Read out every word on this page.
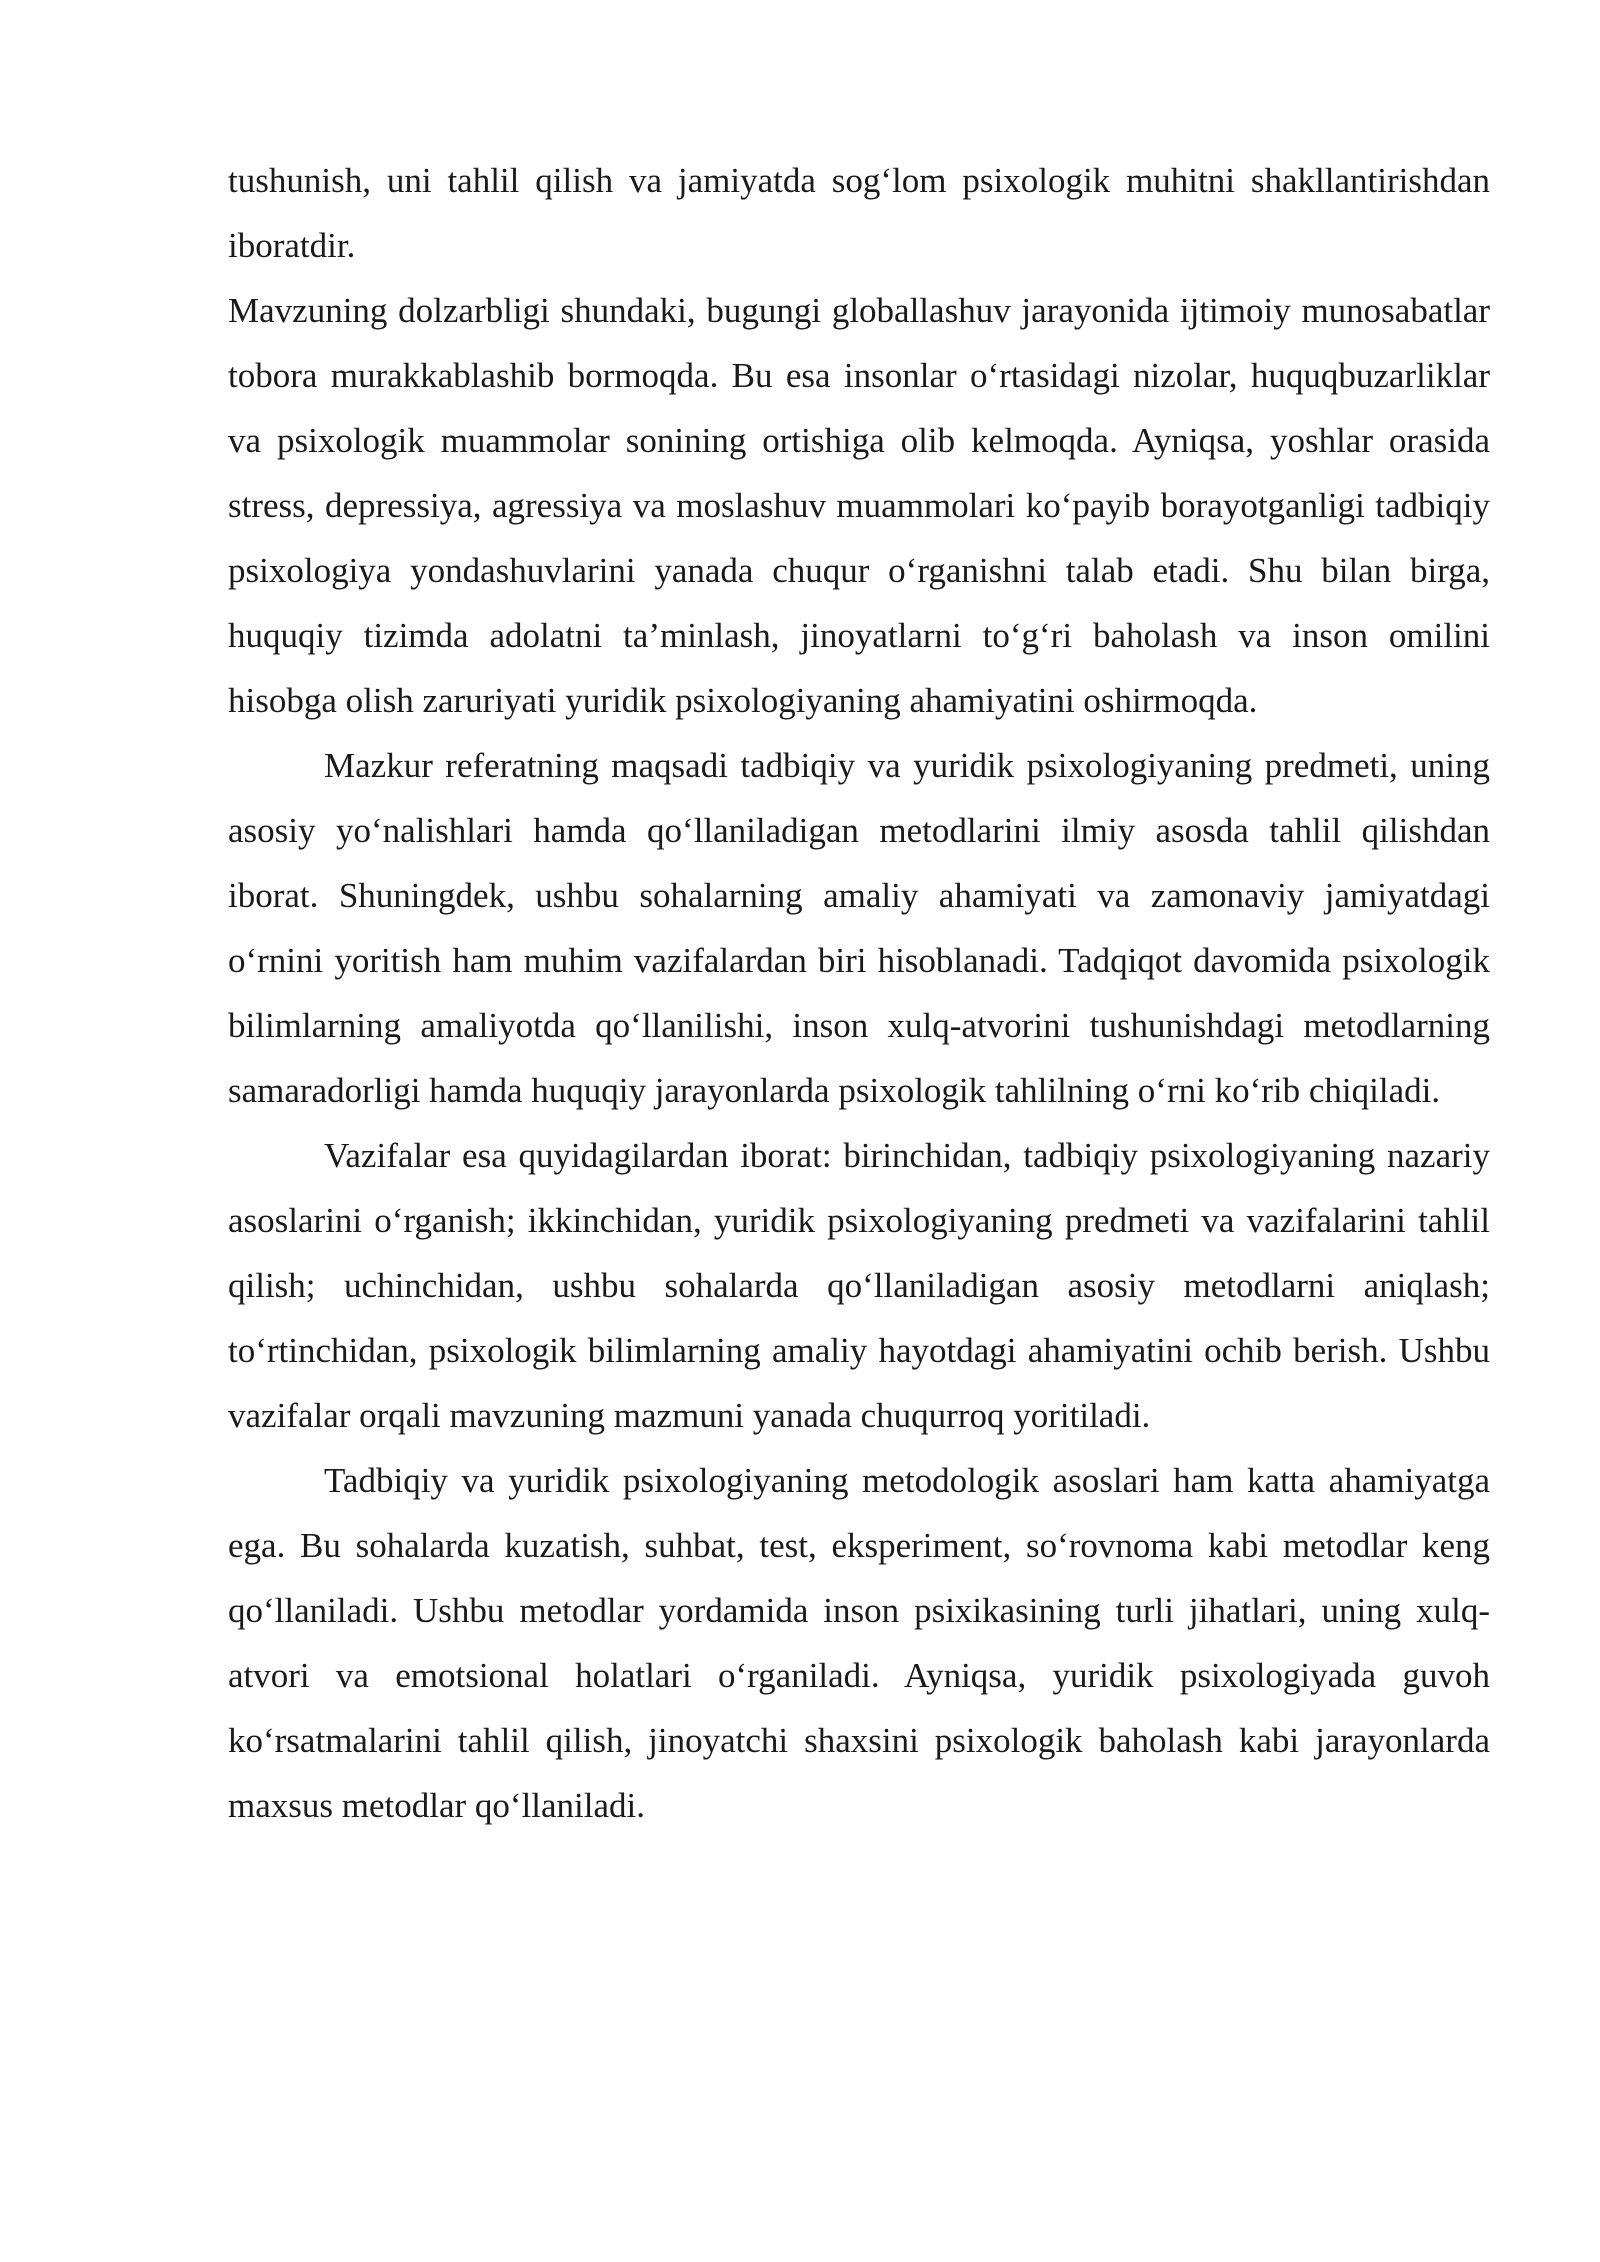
tushunish, uni tahlil qilish va jamiyatda sog‘lom psixologik muhitni shakllantirishdan iboratdir.

Mavzuning dolzarbligi shundaki, bugungi globallashuv jarayonida ijtimoiy munosabatlar tobora murakkablashib bormoqda. Bu esa insonlar o‘rtasidagi nizolar, huquqbuzarliklar va psixologik muammolar sonining ortishiga olib kelmoqda. Ayniqsa, yoshlar orasida stress, depressiya, agressiya va moslashuv muammolari ko‘payib borayotganligi tadbiqiy psixologiya yondashuvlarini yanada chuqur o‘rganishni talab etadi. Shu bilan birga, huquqiy tizimda adolatni ta’minlash, jinoyatlarni to‘g‘ri baholash va inson omilini hisobga olish zaruriyati yuridik psixologiyaning ahamiyatini oshirmoqda.

Mazkur referatning maqsadi tadbiqiy va yuridik psixologiyaning predmeti, uning asosiy yo‘nalishlari hamda qo‘llaniladigan metodlarini ilmiy asosda tahlil qilishdan iborat. Shuningdek, ushbu sohalarning amaliy ahamiyati va zamonaviy jamiyatdagi o‘rnini yoritish ham muhim vazifalardan biri hisoblanadi. Tadqiqot davomida psixologik bilimlarning amaliyotda qo‘llanilishi, inson xulq-atvorini tushunishdagi metodlarning samaradorligi hamda huquqiy jarayonlarda psixologik tahlilning o‘rni ko‘rib chiqiladi.

Vazifalar esa quyidagilardan iborat: birinchidan, tadbiqiy psixologiyaning nazariy asoslarini o‘rganish; ikkinchidan, yuridik psixologiyaning predmeti va vazifalarini tahlil qilish; uchinchidan, ushbu sohalarda qo‘llaniladigan asosiy metodlarni aniqlash; to‘rtinchidan, psixologik bilimlarning amaliy hayotdagi ahamiyatini ochib berish. Ushbu vazifalar orqali mavzuning mazmuni yanada chuqurroq yoritiladi.

Tadbiqiy va yuridik psixologiyaning metodologik asoslari ham katta ahamiyatga ega. Bu sohalarda kuzatish, suhbat, test, eksperiment, so‘rovnoma kabi metodlar keng qo‘llaniladi. Ushbu metodlar yordamida inson psixikasining turli jihatlari, uning xulq-atvori va emotsional holatlari o‘rganiladi. Ayniqsa, yuridik psixologiyada guvoh ko‘rsatmalarini tahlil qilish, jinoyatchi shaxsini psixologik baholash kabi jarayonlarda maxsus metodlar qo‘llaniladi.
